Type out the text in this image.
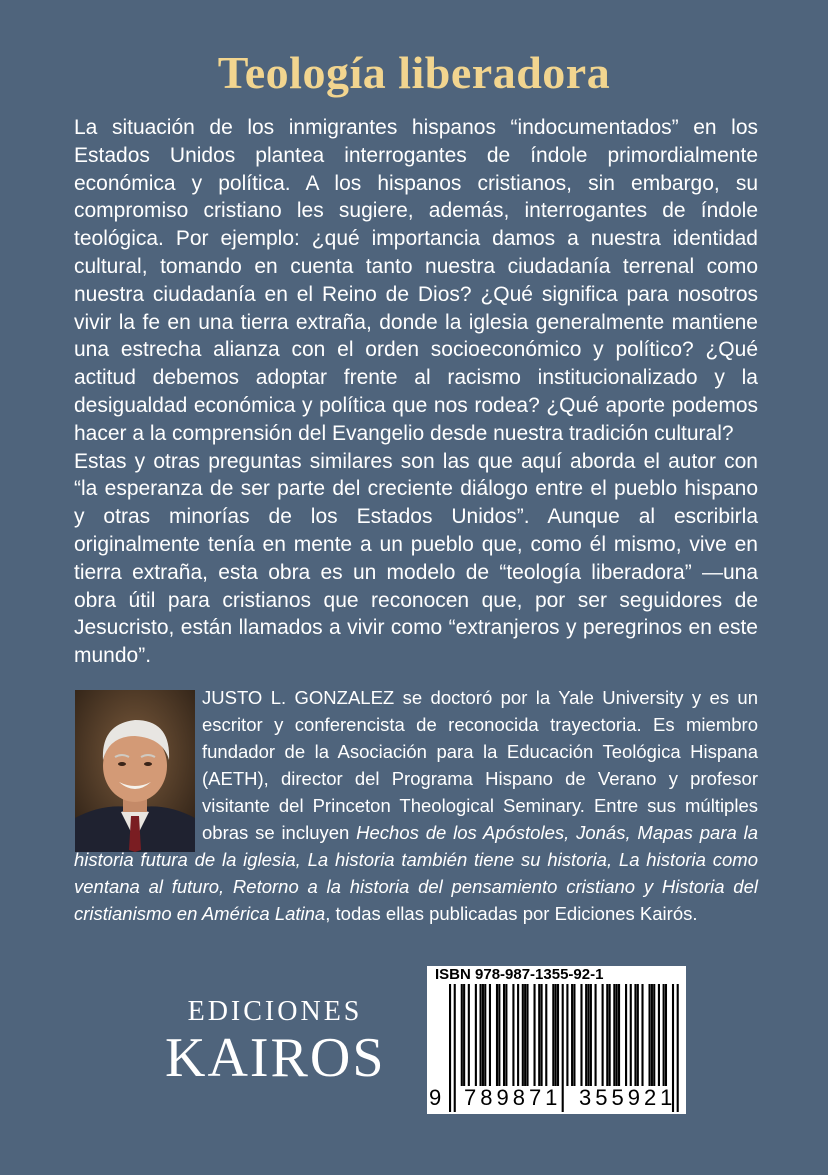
Teología liberadora

La situación de los inmigrantes hispanos “indocumentados” en los Estados Unidos plantea interrogantes de índole primordialmente económica y política. A los hispanos cristianos, sin embargo, su compromiso cristiano les sugiere, además, interrogantes de índole teológica. Por ejemplo: ¿qué importancia damos a nuestra identidad cultural, tomando en cuenta tanto nuestra ciudadanía terrenal como nuestra ciudadanía en el Reino de Dios? ¿Qué significa para nosotros vivir la fe en una tierra extraña, donde la iglesia generalmente mantiene una estrecha alianza con el orden socioeconómico y político? ¿Qué actitud debemos adoptar frente al racismo institucionalizado y la desigualdad económica y política que nos rodea? ¿Qué aporte podemos hacer a la comprensión del Evangelio desde nuestra tradición cultural?

Estas y otras preguntas similares son las que aquí aborda el autor con “la esperanza de ser parte del creciente diálogo entre el pueblo hispano y otras minorías de los Estados Unidos”. Aunque al escribirla originalmente tenía en mente a un pueblo que, como él mismo, vive en tierra extraña, esta obra es un modelo de “teología liberadora” —una obra útil para cristianos que reconocen que, por ser seguidores de Jesucristo, están llamados a vivir como “extranjeros y peregrinos en este mundo”.

JUSTO L. GONZALEZ se doctoró por la Yale University y es un escritor y conferencista de reconocida trayectoria. Es miembro fundador de la Asociación para la Educación Teológica Hispana (AETH), director del Programa Hispano de Verano y profesor visitante del Princeton Theological Seminary. Entre sus múltiples obras se incluyen Hechos de los Apóstoles, Jonás, Mapas para la historia futura de la iglesia, La historia también tiene su historia, La historia como ventana al futuro, Retorno a la historia del pensamiento cristiano y Historia del cristianismo en América Latina, todas ellas publicadas por Ediciones Kairós.
EDICIONES
KAIROS
ISBN 978-987-1355-92-1
9 789871 355921
